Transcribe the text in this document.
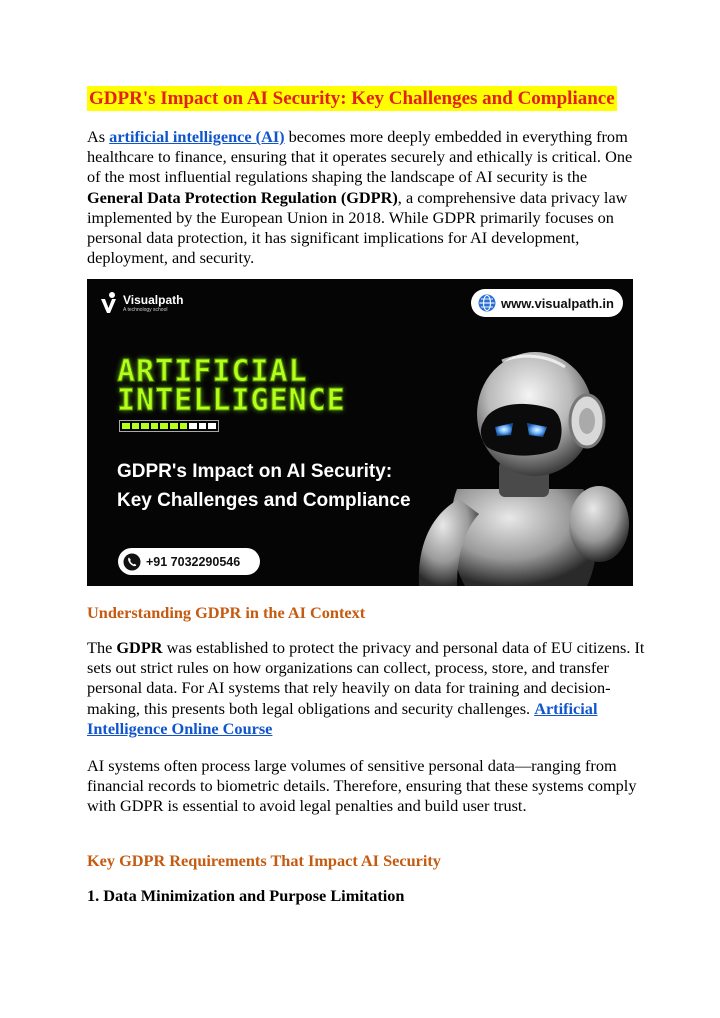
GDPR's Impact on AI Security: Key Challenges and Compliance

As artificial intelligence (AI) becomes more deeply embedded in everything from healthcare to finance, ensuring that it operates securely and ethically is critical. One of the most influential regulations shaping the landscape of AI security is the General Data Protection Regulation (GDPR), a comprehensive data privacy law implemented by the European Union in 2018. While GDPR primarily focuses on personal data protection, it has significant implications for AI development, deployment, and security.

Visualpath
A technology school	www.visualpath.in
ARTIFICIAL
INTELLIGENCE
GDPR's Impact on AI Security: Key Challenges and Compliance
+91 7032290546
Understanding GDPR in the AI Context

The GDPR was established to protect the privacy and personal data of EU citizens. It sets out strict rules on how organizations can collect, process, store, and transfer personal data. For AI systems that rely heavily on data for training and decision-making, this presents both legal obligations and security challenges. Artificial Intelligence Online Course

AI systems often process large volumes of sensitive personal data—ranging from financial records to biometric details. Therefore, ensuring that these systems comply with GDPR is essential to avoid legal penalties and build user trust.

Key GDPR Requirements That Impact AI Security
1. Data Minimization and Purpose Limitation
